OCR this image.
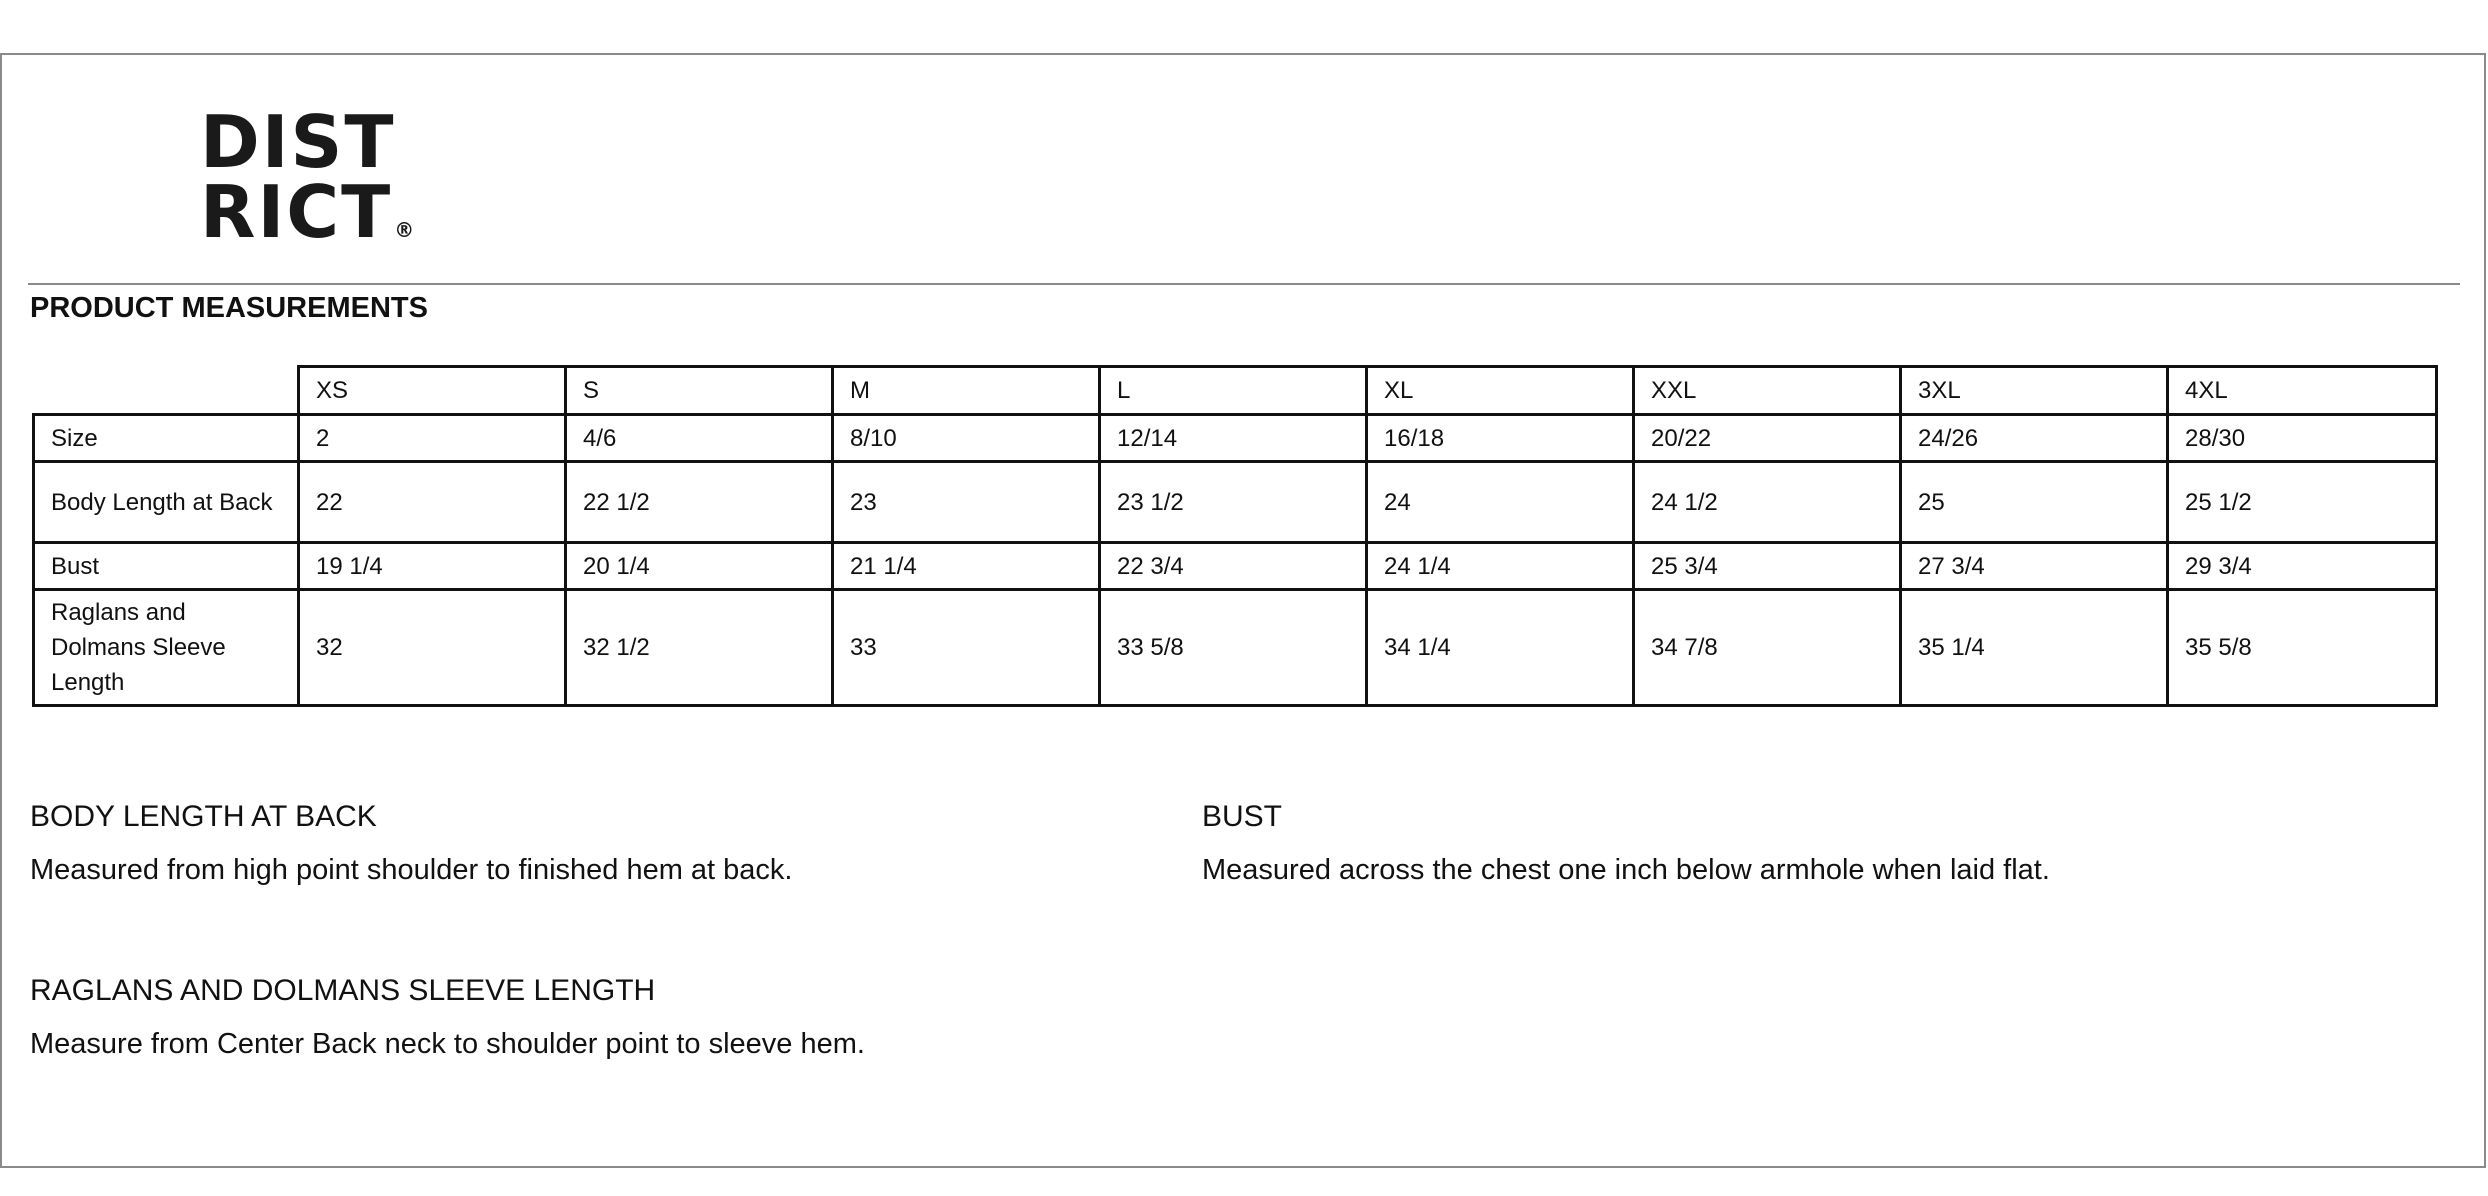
DIST
RICT ®
PRODUCT MEASUREMENTS
	XS	S	M	L	XL	XXL	3XL	4XL
Size	2	4/6	8/10	12/14	16/18	20/22	24/26	28/30
Body Length at Back	22	22 1/2	23	23 1/2	24	24 1/2	25	25 1/2
Bust	19 1/4	20 1/4	21 1/4	22 3/4	24 1/4	25 3/4	27 3/4	29 3/4
Raglans and Dolmans Sleeve Length	32	32 1/2	33	33 5/8	34 1/4	34 7/8	35 1/4	35 5/8
BODY LENGTH AT BACK
Measured from high point shoulder to finished hem at back.
BUST
Measured across the chest one inch below armhole when laid flat.
RAGLANS AND DOLMANS SLEEVE LENGTH
Measure from Center Back neck to shoulder point to sleeve hem.
